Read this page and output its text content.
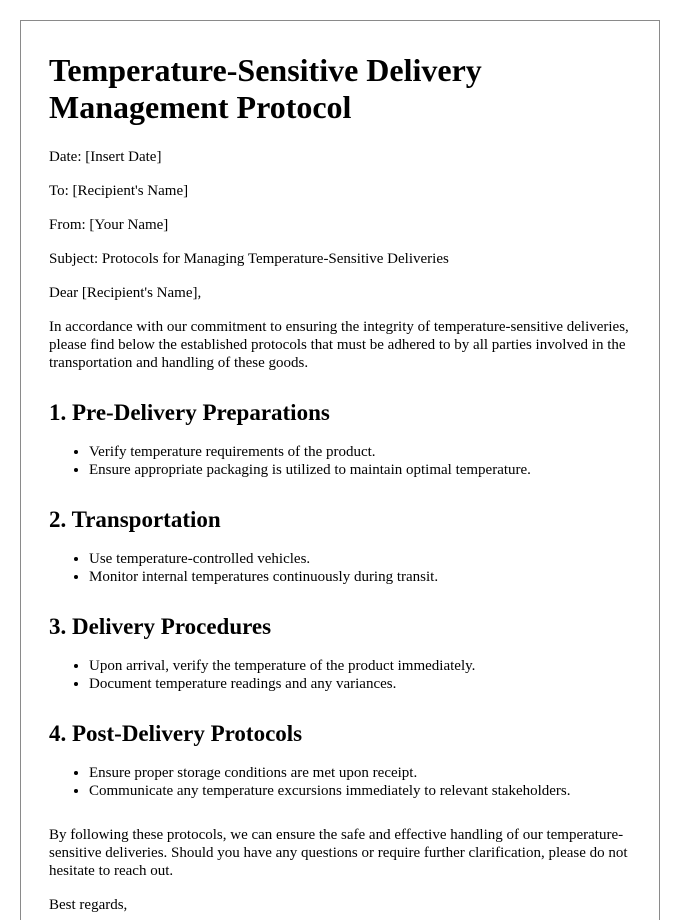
Temperature-Sensitive Delivery Management Protocol

Date: [Insert Date]

To: [Recipient's Name]

From: [Your Name]

Subject: Protocols for Managing Temperature-Sensitive Deliveries

Dear [Recipient's Name],

In accordance with our commitment to ensuring the integrity of temperature-sensitive deliveries, please find below the established protocols that must be adhered to by all parties involved in the transportation and handling of these goods.

1. Pre-Delivery Preparations
• Verify temperature requirements of the product.
• Ensure appropriate packaging is utilized to maintain optimal temperature.
2. Transportation
• Use temperature-controlled vehicles.
• Monitor internal temperatures continuously during transit.
3. Delivery Procedures
• Upon arrival, verify the temperature of the product immediately.
• Document temperature readings and any variances.
4. Post-Delivery Protocols
• Ensure proper storage conditions are met upon receipt.
• Communicate any temperature excursions immediately to relevant stakeholders.

By following these protocols, we can ensure the safe and effective handling of our temperature-sensitive deliveries. Should you have any questions or require further clarification, please do not hesitate to reach out.

Best regards,
